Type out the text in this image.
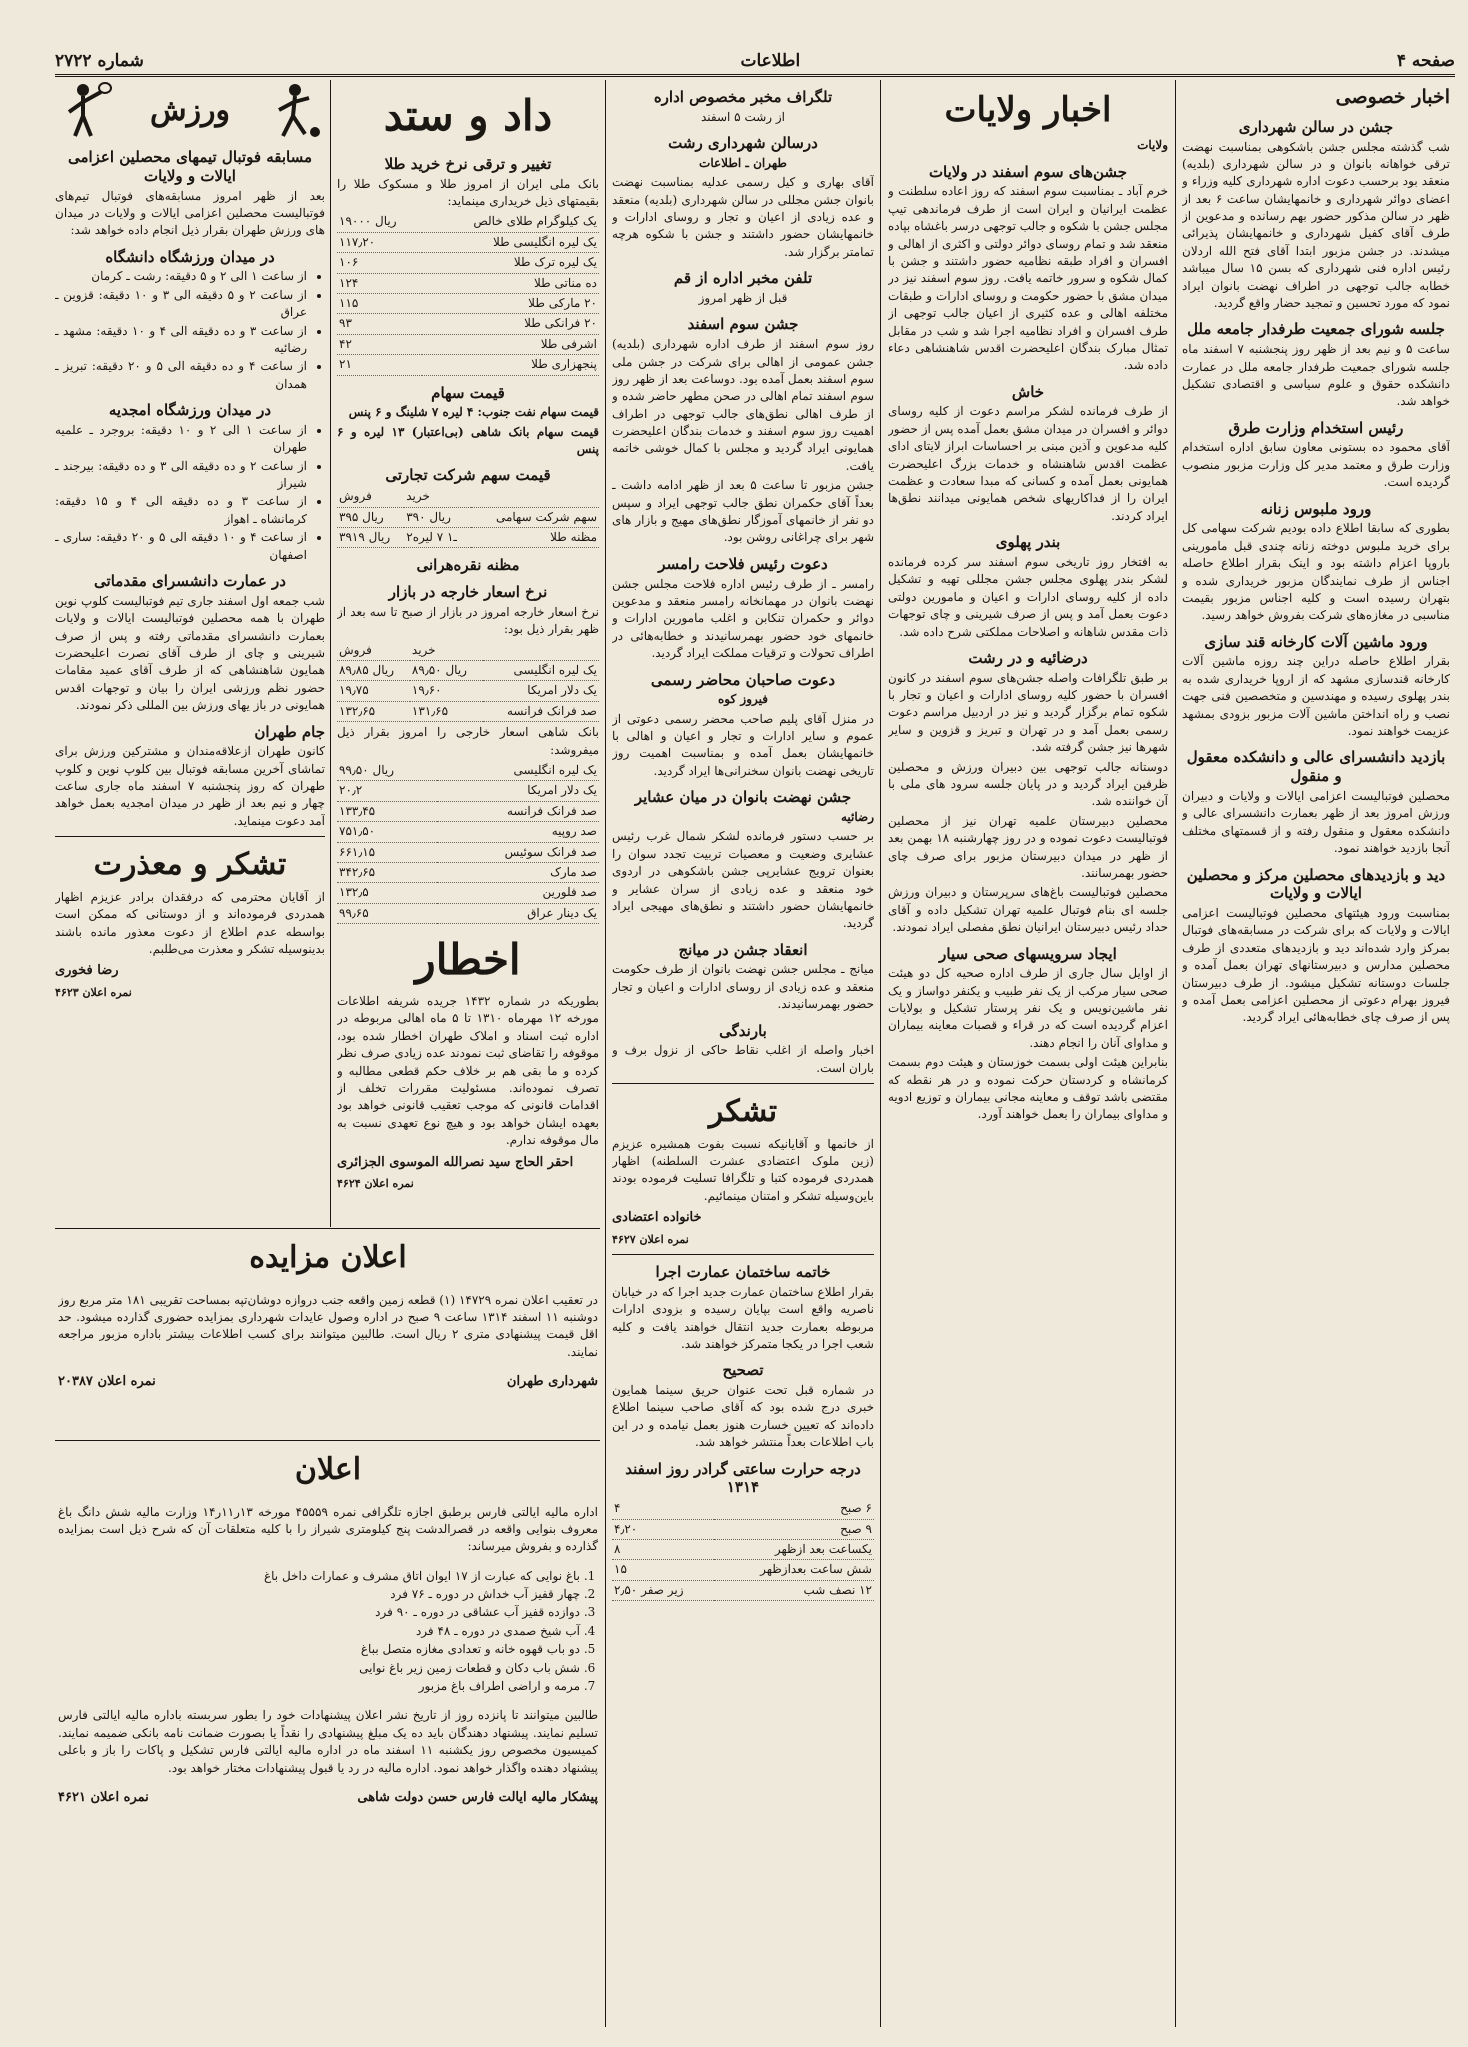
صفحه ۴
اطلاعات
شماره ۲۷۲۲
اخبار خصوصی
جشن در سالن شهرداری

شب گذشته مجلس جشن باشکوهی بمناسبت نهضت ترقی خواهانه بانوان و در سالن شهرداری (بلدیه) منعقد بود برحسب دعوت اداره شهرداری کلیه وزراء و اعضای دوائر شهرداری و خانمهایشان ساعت ۶ بعد از ظهر در سالن مذکور حضور بهم رسانده و مدعوین از طرف آقای کفیل شهرداری و خانمهایشان پذیرائی میشدند. در جشن مزبور ابتدا آقای فتح الله اردلان رئیس اداره فنی شهرداری که بسن ۱۵ سال میباشد خطابه جالب توجهی در اطراف نهضت بانوان ایراد نمود که مورد تحسین و تمجید حضار واقع گردید.

جلسه شورای جمعیت طرفدار جامعه ملل

ساعت ۵ و نیم بعد از ظهر روز پنجشنبه ۷ اسفند ماه جلسه شورای جمعیت طرفدار جامعه ملل در عمارت دانشکده حقوق و علوم سیاسی و اقتصادی تشکیل خواهد شد.

رئیس استخدام وزارت طرق

آقای محمود ده بستونی معاون سابق اداره استخدام وزارت طرق و معتمد مدیر کل وزارت مزبور منصوب گردیده است.

ورود ملبوس زنانه

بطوری که سابقا اطلاع داده بودیم شرکت سهامی کل برای خرید ملبوس دوخته زنانه چندی قبل مامورینی باروپا اعزام داشته بود و اینک بقرار اطلاع حاصله اجناس از طرف نمایندگان مزبور خریداری شده و بتهران رسیده است و کلیه اجناس مزبور بقیمت مناسبی در مغازه‌های شرکت بفروش خواهد رسید.

ورود ماشین آلات کارخانه قند سازی

بقرار اطلاع حاصله دراین چند روزه ماشین آلات کارخانه قندسازی مشهد که از اروپا خریداری شده به بندر پهلوی رسیده و مهندسین و متخصصین فنی جهت نصب و راه انداختن ماشین آلات مزبور بزودی بمشهد عزیمت خواهند نمود.

بازدید دانشسرای عالی و دانشکده معقول و منقول

محصلین فوتبالیست اعزامی ایالات و ولایات و دبیران ورزش امروز بعد از ظهر بعمارت دانشسرای عالی و دانشکده معقول و منقول رفته و از قسمتهای مختلف آنجا بازدید خواهند نمود.

دید و بازدیدهای محصلین مرکز و محصلین ایالات و ولایات

بمناسبت ورود هیئتهای محصلین فوتبالیست اعزامی ایالات و ولایات که برای شرکت در مسابقه‌های فوتبال بمرکز وارد شده‌اند دید و بازدیدهای متعددی از طرف محصلین مدارس و دبیرستانهای تهران بعمل آمده و جلسات دوستانه تشکیل میشود. از طرف دبیرستان فیروز بهرام دعوتی از محصلین اعزامی بعمل آمده و پس از صرف چای خطابه‌هائی ایراد گردید.

اخبار ولایات

ولایات

جشن‌های سوم اسفند در ولایات

خرم آباد ـ بمناسبت سوم اسفند که روز اعاده سلطنت و عظمت ایرانیان و ایران است از طرف فرماندهی تیپ مجلس جشن با شکوه و جالب توجهی درسر باغشاه بپاده منعقد شد و تمام روسای دوائر دولتی و اکثری از اهالی و افسران و افراد طبقه نظامیه حضور داشتند و جشن با کمال شکوه و سرور خاتمه یافت. روز سوم اسفند نیز در میدان مشق با حضور حکومت و روسای ادارات و طبقات مختلفه اهالی و عده کثیری از اعیان جالب توجهی از طرف افسران و افراد نظامیه اجرا شد و شب در مقابل تمثال مبارک بندگان اعلیحضرت اقدس شاهنشاهی دعاء داده شد.

خاش

از طرف فرمانده لشکر مراسم دعوت از کلیه روسای دوائر و افسران در میدان مشق بعمل آمده پس از حضور کلیه مدعوین و آذین مبنی بر احساسات ابراز لایتای ادای عظمت اقدس شاهنشاه و خدمات بزرگ اعلیحضرت همایونی بعمل آمده و کسانی که مبدا سعادت و عظمت ایران را از فداکاریهای شخص همایونی میدانند نطق‌ها ایراد کردند.

بندر پهلوی

به افتخار روز تاریخی سوم اسفند سر کرده فرمانده لشکر بندر پهلوی مجلس جشن مجللی تهیه و تشکیل داده از کلیه روسای ادارات و اعیان و مامورین دولتی دعوت بعمل آمد و پس از صرف شیرینی و چای توجهات ذات مقدس شاهانه و اصلاحات مملکتی شرح داده شد.

درضائیه و در رشت

بر طبق تلگرافات واصله جشن‌های سوم اسفند در کانون افسران با حضور کلیه روسای ادارات و اعیان و تجار با شکوه تمام برگزار گردید و نیز در اردبیل مراسم دعوت رسمی بعمل آمد و در تهران و تبریز و قزوین و سایر شهرها نیز جشن گرفته شد.

دوستانه جالب توجهی بین دبیران ورزش و محصلین ظرفین ایراد گردید و در پایان جلسه سرود های ملی با آن خواننده شد.

محصلین دبیرستان علمیه تهران نیز از محصلین فوتبالیست دعوت نموده و در روز چهارشنبه ۱۸ بهمن بعد از ظهر در میدان دبیرستان مزبور برای صرف چای حضور بهمرسانند.

محصلین فوتبالیست باغ‌های سرپرستان و دبیران ورزش جلسه ای بنام فوتبال علمیه تهران تشکیل داده و آقای حداد رئیس دبیرستان ایرانیان نطق مفصلی ایراد نمودند.

ایجاد سرویسهای صحی سیار

از اوایل سال جاری از طرف اداره صحیه کل دو هیئت صحی سیار مرکب از یک نفر طبیب و یکنفر دواساز و یک نفر ماشین‌نویس و یک نفر پرستار تشکیل و بولایات اعزام گردیده است که در قراء و قصبات معاینه بیماران و مداوای آنان را انجام دهند.

بنابراین هیئت اولی بسمت خوزستان و هیئت دوم بسمت کرمانشاه و کردستان حرکت نموده و در هر نقطه که مقتضی باشد توقف و معاینه مجانی بیماران و توزیع ادویه و مداوای بیماران را بعمل خواهند آورد.

تلگراف مخبر مخصوص اداره

از رشت ۵ اسفند

درسالن شهرداری رشت

طهران ـ اطلاعات

آقای بهاری و کیل رسمی عدلیه بمناسبت نهضت بانوان جشن مجللی در سالن شهرداری (بلدیه) منعقد و عده زیادی از اعیان و تجار و روسای ادارات و خانمهایشان حضور داشتند و جشن با شکوه هرچه تمامتر برگزار شد.

تلفن مخبر اداره از قم

قبل از ظهر امروز

جشن سوم اسفند

روز سوم اسفند از طرف اداره شهرداری (بلدیه) جشن عمومی از اهالی برای شرکت در جشن ملی سوم اسفند بعمل آمده بود. دوساعت بعد از ظهر روز سوم اسفند تمام اهالی در صحن مطهر حاضر شده و از طرف اهالی نطق‌های جالب توجهی در اطراف اهمیت روز سوم اسفند و خدمات بندگان اعلیحضرت همایونی ایراد گردید و مجلس با کمال خوشی خاتمه یافت.

جشن مزبور تا ساعت ۵ بعد از ظهر ادامه داشت ـ بعداً آقای حکمران نطق جالب توجهی ایراد و سپس دو نفر از خانمهای آموزگار نطق‌های مهیج و بازار های شهر برای چراغانی روشن بود.

دعوت رئیس فلاحت رامسر

رامسر ـ از طرف رئیس اداره فلاحت مجلس جشن نهضت بانوان در مهمانخانه رامسر منعقد و مدعوین دوائر و حکمران تنکابن و اغلب مامورین ادارات و خانمهای خود حضور بهمرسانیدند و خطابه‌هائی در اطراف تحولات و ترقیات مملکت ایراد گردید.

دعوت صاحبان محاضر رسمی

فیروز کوه

در منزل آقای پلیم صاحب محضر رسمی دعوتی از عموم و سایر ادارات و تجار و اعیان و اهالی با خانمهایشان بعمل آمده و بمناسبت اهمیت روز تاریخی نهضت بانوان سخنرانی‌ها ایراد گردید.

جشن نهضت بانوان در میان عشایر

رضائیه

بر حسب دستور فرمانده لشکر شمال غرب رئیس عشایری وضعیت و معصیات تربیت تجدد سوان را بعنوان ترویج عشایرپی جشن باشکوهی در اردوی خود منعقد و عده زیادی از سران عشایر و خانمهایشان حضور داشتند و نطق‌های مهیجی ایراد گردید.

انعقاد جشن در میانج

میانج ـ مجلس جشن نهضت بانوان از طرف حکومت منعقد و عده زیادی از روسای ادارات و اعیان و تجار حضور بهمرسانیدند.

بارندگی

اخبار واصله از اغلب نقاط حاکی از نزول برف و باران است.

تشکر

از خانمها و آقایانیکه نسبت بفوت همشیره عزیزم (زین ملوک اعتضادی عشرت السلطنه) اظهار همدردی فرموده کتبا و تلگرافا تسلیت فرموده بودند باین‌وسیله تشکر و امتنان مینمائیم.

خانواده اعتضادی
نمره اعلان ۴۶۲۷
خاتمه ساختمان عمارت اجرا

بقرار اطلاع ساختمان عمارت جدید اجرا که در خیابان ناصریه واقع است بپایان رسیده و بزودی ادارات مربوطه بعمارت جدید انتقال خواهند یافت و کلیه شعب اجرا در یکجا متمرکز خواهند شد.

تصحیح

در شماره قبل تحت عنوان حریق سینما همایون خبری درج شده بود که آقای صاحب سینما اطلاع داده‌اند که تعیین خسارت هنوز بعمل نیامده و در این باب اطلاعات بعداً منتشر خواهد شد.

درجه حرارت ساعتی گرادر روز اسفند ۱۳۱۴
۶ صبح	۴
۹ صبح	۴٫۲۰
یکساعت بعد ازظهر	۸
شش ساعت بعدازظهر	۱۵
۱۲ نصف شب	۲٫۵۰ زیر صفر
داد و ستد
تغییر و ترقی نرخ خرید طلا

بانک ملی ایران از امروز طلا و مسکوک طلا را بقیمتهای ذیل خریداری مینماید:

یک کیلوگرام طلای خالص	۱۹۰۰۰ ریال
یک لیره انگلیسی طلا	۱۱۷٫۲۰
یک لیره ترک طلا	۱۰۶
ده مناتی طلا	۱۲۴
۲۰ مارکی طلا	۱۱۵
۲۰ فرانکی طلا	۹۳
اشرفی طلا	۴۲
پنجهزاری طلا	۲۱
قیمت سهام

قیمت سهام نفت جنوب: ۴ لیره ۷ شلینگ و ۶ پنس

قیمت سهام بانک شاهی (بی‌اعتبار) ۱۳ لیره و ۶ پنس

قیمت سهم شرکت تجارتی
	خرید	فروش
سهم شرکت سهامی	۳۹۰ ریال	۳۹۵ ریال
مظنه طلا	۲ـ۱ ۷ لیره	۳۹۱۹ ریال
مظنه نقره‌هرانی
نرخ اسعار خارجه در بازار

نرخ اسعار خارجه امروز در بازار از صبح تا سه بعد از ظهر بقرار ذیل بود:

	خرید	فروش
یک لیره انگلیسی	۸۹٫۵۰ ریال	۸۹٫۸۵ ریال
یک دلار امریکا	۱۹٫۶۰	۱۹٫۷۵
صد فرانک فرانسه	۱۳۱٫۶۵	۱۳۲٫۶۵

بانک شاهی اسعار خارجی را امروز بقرار ذیل میفروشد:

یک لیره انگلیسی	۹۹٫۵۰ ریال
یک دلار امریکا	۲۰٫۲
صد فرانک فرانسه	۱۳۳٫۴۵
صد روپیه	۷۵۱٫۵۰
صد فرانک سوئیس	۶۶۱٫۱۵
صد مارک	۳۴۲٫۶۵
صد فلورین	۱۳۲٫۵
یک دینار عراق	۹۹٫۶۵
اخطار

بطوریکه در شماره ۱۴۳۲ جریده شریفه اطلاعات مورخه ۱۲ مهرماه ۱۳۱۰ تا ۵ ماه اهالی مربوطه در اداره ثبت اسناد و املاک طهران اخطار شده بود، موقوفه را تقاضای ثبت نمودند عده زیادی صرف نظر کرده و ما بقی هم بر خلاف حکم قطعی مطالبه و تصرف نموده‌اند. مسئولیت مقررات تخلف از اقدامات قانونی که موجب تعقیب قانونی خواهد بود بعهده ایشان خواهد بود و هیچ نوع تعهدی نسبت به مال موقوفه ندارم.

احقر الحاج سید نصرالله الموسوی الجزائری
نمره اعلان ۴۶۲۴
ورزش
مسابقه فوتبال تیمهای محصلین اعزامی ایالات و ولایات

بعد از ظهر امروز مسابقه‌های فوتبال تیم‌های فوتبالیست محصلین اعزامی ایالات و ولایات در میدان های ورزش طهران بقرار ذیل انجام داده خواهد شد:

در میدان ورزشگاه دانشگاه
• از ساعت ۱ الی ۲ و ۵ دقیقه: رشت ـ کرمان
• از ساعت ۲ و ۵ دقیقه الی ۳ و ۱۰ دقیقه: قزوین ـ عراق
• از ساعت ۳ و ده دقیقه الی ۴ و ۱۰ دقیقه: مشهد ـ رضائیه
• از ساعت ۴ و ده دقیقه الی ۵ و ۲۰ دقیقه: تبریز ـ همدان
در میدان ورزشگاه امجدیه
• از ساعت ۱ الی ۲ و ۱۰ دقیقه: بروجرد ـ علمیه طهران
• از ساعت ۲ و ده دقیقه الی ۳ و ده دقیقه: بیرجند ـ شیراز
• از ساعت ۳ و ده دقیقه الی ۴ و ۱۵ دقیقه: کرمانشاه ـ اهواز
• از ساعت ۴ و ۱۰ دقیقه الی ۵ و ۲۰ دقیقه: ساری ـ اصفهان
در عمارت دانشسرای مقدماتی

شب جمعه اول اسفند جاری تیم فوتبالیست کلوپ نوین طهران با همه محصلین فوتبالیست ایالات و ولایات بعمارت دانشسرای مقدماتی رفته و پس از صرف شیرینی و چای از طرف آقای نصرت اعلیحضرت همایون شاهنشاهی که از طرف آقای عمید مقامات حضور نظم ورزشی ایران را بیان و توجهات اقدس همایونی در باز یهای ورزش بین المللی ذکر نمودند.

جام طهران

کانون طهران ازعلاقه‌مندان و مشترکین ورزش برای تماشای آخرین مسابقه فوتبال بین کلوپ نوین و کلوپ طهران که روز پنجشنبه ۷ اسفند ماه جاری ساعت چهار و نیم بعد از ظهر در میدان امجدیه بعمل خواهد آمد دعوت مینماید.

تشکر و معذرت

از آقایان محترمی که درفقدان برادر عزیزم اظهار همدردی فرموده‌اند و از دوستانی که ممکن است بواسطه عدم اطلاع از دعوت معذور مانده باشند بدینوسیله تشکر و معذرت می‌طلبم.

رضا فخوری
نمره اعلان ۴۶۲۳
اعلان مزایده

در تعقیب اعلان نمره ۱۴۷۲۹ (۱) قطعه زمین واقعه جنب دروازه دوشان‌تپه بمساحت تقریبی ۱۸۱ متر مربع روز دوشنبه ۱۱ اسفند ۱۳۱۴ ساعت ۹ صبح در اداره وصول عایدات شهرداری بمزایده حضوری گذارده میشود. حد اقل قیمت پیشنهادی متری ۲ ریال است. طالبین میتوانند برای کسب اطلاعات بیشتر باداره مزبور مراجعه نمایند.

شهرداری طهران
نمره اعلان ۲۰۳۸۷
اعلان

اداره مالیه ایالتی فارس برطبق اجازه تلگرافی نمره ۴۵۵۵۹ مورخه ۱۳ر۱۱ر۱۴ وزارت مالیه شش دانگ باغ معروف بنوایی واقعه در قصرالدشت پنج کیلومتری شیراز را با کلیه متعلقات آن که شرح ذیل است بمزایده گذارده و بفروش میرساند:

1. باغ نوایی که عبارت از ۱۷ ایوان اتاق مشرف و عمارات داخل باغ
2. چهار قفیز آب خداش در دوره ـ ۷۶ فرد
3. دوازده قفیز آب عشاقی در دوره ـ ۹۰ فرد
4. آب شیخ صمدی در دوره ـ ۴۸ فرد
5. دو باب قهوه خانه و تعدادی مغازه متصل بباغ
6. شش باب دکان و قطعات زمین زیر باغ نوایی
7. مرمه و اراضی اطراف باغ مزبور

طالبین میتوانند تا پانزده روز از تاریخ نشر اعلان پیشنهادات خود را بطور سربسته باداره مالیه ایالتی فارس تسلیم نمایند. پیشنهاد دهندگان باید ده یک مبلغ پیشنهادی را نقداً یا بصورت ضمانت نامه بانکی ضمیمه نمایند. کمیسیون مخصوص روز یکشنبه ۱۱ اسفند ماه در اداره مالیه ایالتی فارس تشکیل و پاکات را باز و باعلی پیشنهاد دهنده واگذار خواهد نمود. اداره مالیه در رد یا قبول پیشنهادات مختار خواهد بود.

پیشکار مالیه ایالت فارس حسن دولت شاهی
نمره اعلان ۴۶۲۱
